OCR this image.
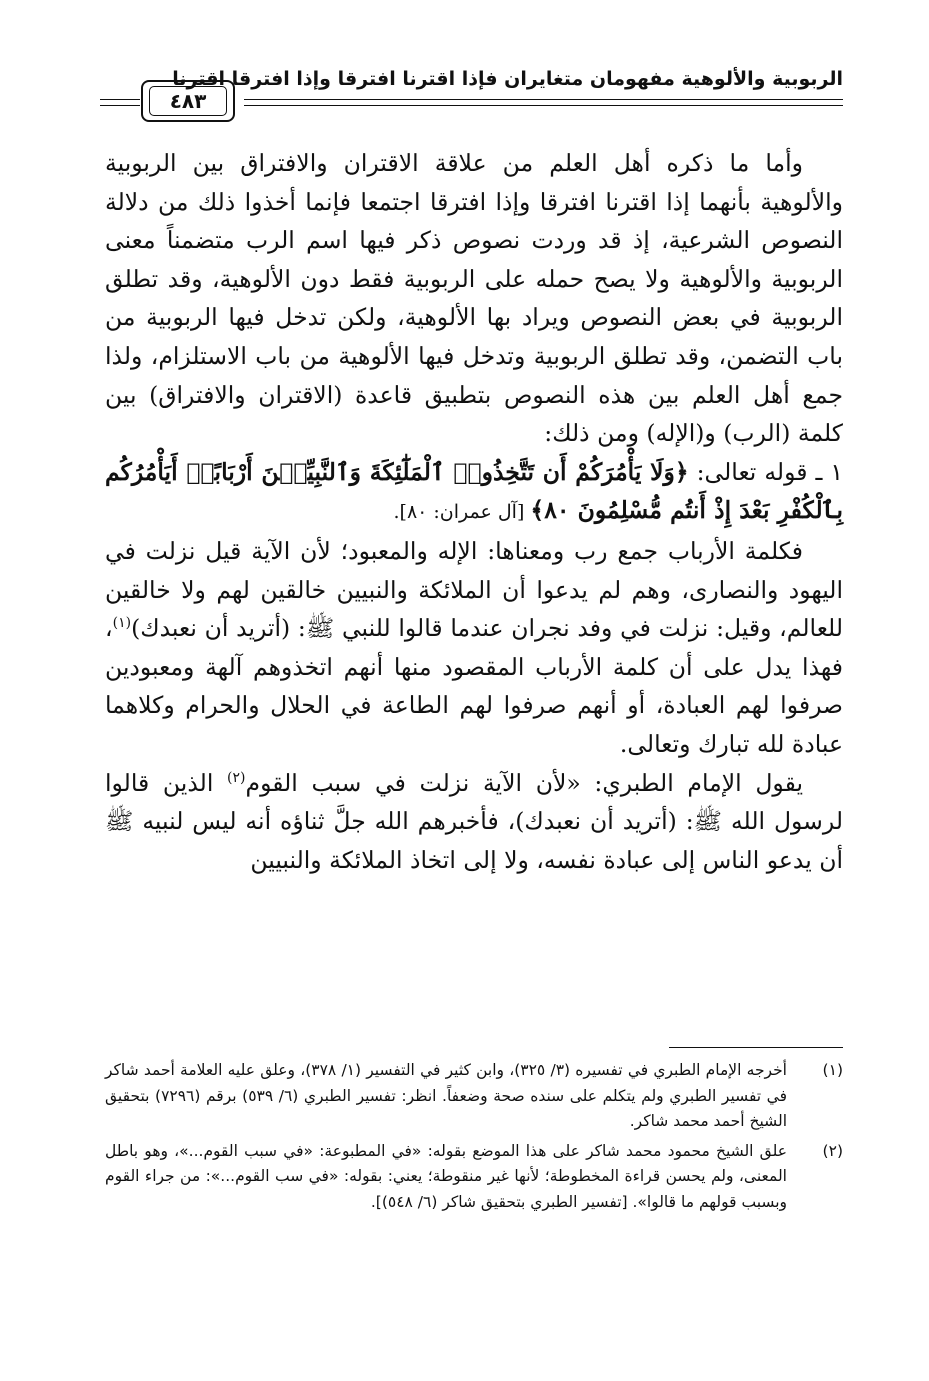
الربوبية والألوهية مفهومان متغايران فإذا اقترنا افترقا وإذا افترقا اقترنا
٤٨٣

وأما ما ذكره أهل العلم من علاقة الاقتران والافتراق بين الربوبية والألوهية بأنهما إذا اقترنا افترقا وإذا افترقا اجتمعا فإنما أخذوا ذلك من دلالة النصوص الشرعية، إذ قد وردت نصوص ذكر فيها اسم الرب متضمناً معنى الربوبية والألوهية ولا يصح حمله على الربوبية فقط دون الألوهية، وقد تطلق الربوبية في بعض النصوص ويراد بها الألوهية، ولكن تدخل فيها الربوبية من باب التضمن، وقد تطلق الربوبية وتدخل فيها الألوهية من باب الاستلزام، ولذا جمع أهل العلم بين هذه النصوص بتطبيق قاعدة (الاقتران والافتراق) بين كلمة (الرب) و(الإله) ومن ذلك:

١ ـ قوله تعالى: ﴿وَلَا يَأْمُرَكُمْ أَن تَتَّخِذُوا۟ ٱلْمَلَٰٓئِكَةَ وَٱلنَّبِيِّـۧنَ أَرْبَابًاۗ أَيَأْمُرُكُم بِٱلْكُفْرِ بَعْدَ إِذْ أَنتُم مُّسْلِمُونَ ٨٠﴾ [آل عمران: ٨٠].

فكلمة الأرباب جمع رب ومعناها: الإله والمعبود؛ لأن الآية قيل نزلت في اليهود والنصارى، وهم لم يدعوا أن الملائكة والنبيين خالقين لهم ولا خالقين للعالم، وقيل: نزلت في وفد نجران عندما قالوا للنبي ﷺ: (أتريد أن نعبدك)$^{(١)}$، فهذا يدل على أن كلمة الأرباب المقصود منها أنهم اتخذوهم آلهة ومعبودين صرفوا لهم العبادة، أو أنهم صرفوا لهم الطاعة في الحلال والحرام وكلاهما عبادة لله تبارك وتعالى.

يقول الإمام الطبري: «لأن الآية نزلت في سبب القوم$^{(٢)}$ الذين قالوا لرسول الله ﷺ: (أتريد أن نعبدك)، فأخبرهم الله جلَّ ثناؤه أنه ليس لنبيه ﷺ أن يدعو الناس إلى عبادة نفسه، ولا إلى اتخاذ الملائكة والنبيين

(١)
أخرجه الإمام الطبري في تفسيره (٣/ ٣٢٥)، وابن كثير في التفسير (١/ ٣٧٨)، وعلق عليه العلامة أحمد شاكر في تفسير الطبري ولم يتكلم على سنده صحة وضعفاً. انظر: تفسير الطبري (٦/ ٥٣٩) برقم (٧٢٩٦) بتحقيق الشيخ أحمد محمد شاكر.
(٢)
علق الشيخ محمود محمد شاكر على هذا الموضع بقوله: «في المطبوعة: «في سبب القوم...»، وهو باطل المعنى، ولم يحسن قراءة المخطوطة؛ لأنها غير منقوطة؛ يعني: بقوله: «في سب القوم...»: من جراء القوم وبسبب قولهم ما قالوا». [تفسير الطبري بتحقيق شاكر (٦/ ٥٤٨)].
